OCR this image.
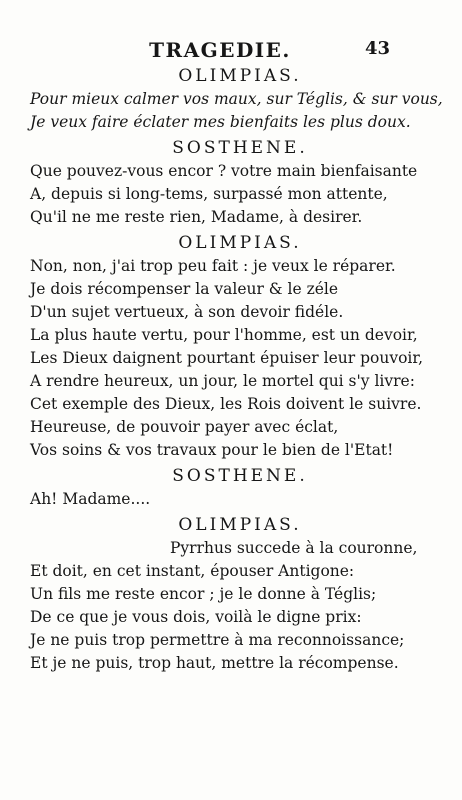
TRAGEDIE.	43
OLIMPIAS.
Pour mieux calmer vos maux, sur Téglis, & sur vous,
Je veux faire éclater mes bienfaits les plus doux.
SOSTHENE.
Que pouvez-vous encor ? votre main bienfaisante
A, depuis si long-tems, surpassé mon attente,
Qu'il ne me reste rien, Madame, à desirer.
OLIMPIAS.
Non, non, j'ai trop peu fait : je veux le réparer.
Je dois récompenser la valeur & le zéle
D'un sujet vertueux, à son devoir fidéle.
La plus haute vertu, pour l'homme, est un devoir,
Les Dieux daignent pourtant épuiser leur pouvoir,
A rendre heureux, un jour, le mortel qui s'y livre:
Cet exemple des Dieux, les Rois doivent le suivre.
Heureuse, de pouvoir payer avec éclat,
Vos soins & vos travaux pour le bien de l'Etat!
SOSTHENE.
Ah! Madame....
OLIMPIAS.
Pyrrhus succede à la couronne,
Et doit, en cet instant, épouser Antigone:
Un fils me reste encor ; je le donne à Téglis;
De ce que je vous dois, voilà le digne prix:
Je ne puis trop permettre à ma reconnoissance;
Et je ne puis, trop haut, mettre la récompense.
